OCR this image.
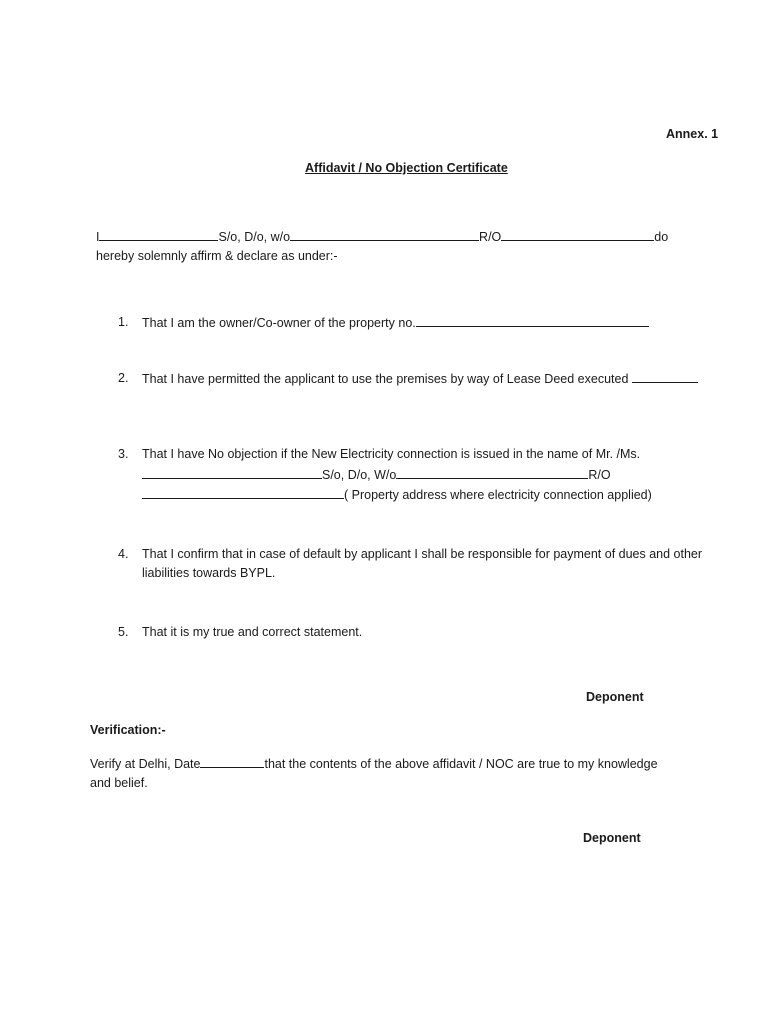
Annex. 1
Affidavit / No Objection Certificate
I	S/o, D/o, w/o	R/O	do
hereby solemnly affirm & declare as under:-
1.	That I am the owner/Co-owner of the property no.
2.	That I have permitted the applicant to use the premises by way of Lease Deed executed
3.	That I have No objection if the New Electricity connection is issued in the name of Mr. /Ms.
S/o, D/o, W/o	R/O
( Property address where electricity connection applied)
4.	That I confirm that in case of default by applicant I shall be responsible for payment of dues and other
liabilities towards BYPL.
5.	That it is my true and correct statement.
Deponent
Verification:-
Verify at Delhi, Date	that the contents of the above affidavit / NOC are true to my knowledge
and belief.
Deponent
